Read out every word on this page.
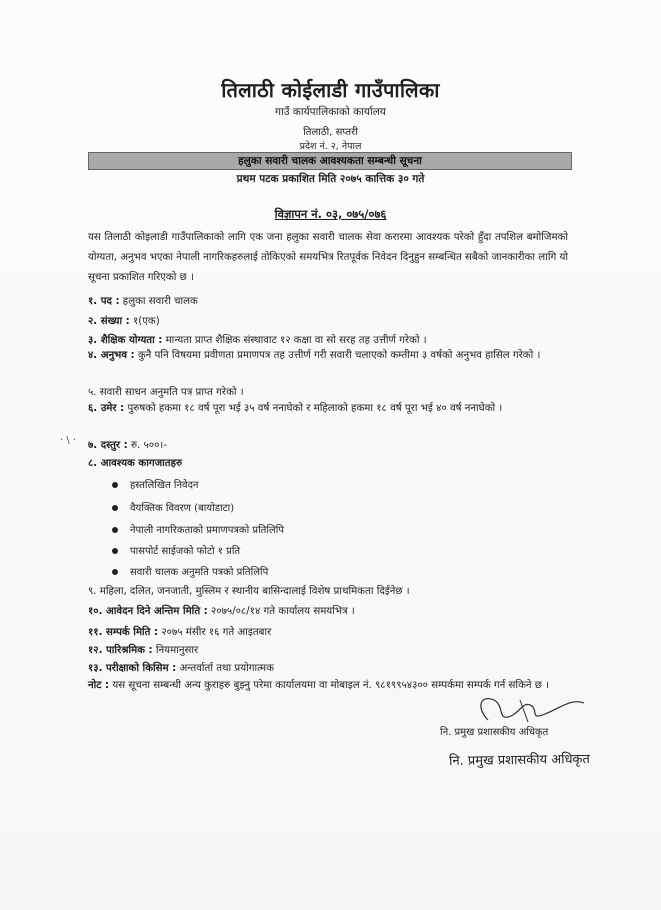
तिलाठी कोईलाडी गाउँपालिका
गाउँ कार्यपालिकाको कार्यालय
तिलाठी, सप्तरी
प्रदेश नं. २, नेपाल
हलुका सवारी चालक आवश्यकता सम्बन्धी सूचना
प्रथम पटक प्रकाशित मिति २०७५ कात्तिक ३० गते
विज्ञापन नं. ०३, ०७५/०७६
यस तिलाठी कोइलाडी गाउँपालिकाको लागि एक जना हलुका सवारी चालक सेवा करारमा आवश्यक परेको हुँदा तपशिल बमोजिमको योग्यता, अनुभव भएका नेपाली नागरिकहरुलाई तोकिएको समयभित्र रितपूर्वक निवेदन दिनुहुन सम्बन्धित सबैको जानकारीका लागि यो सूचना प्रकाशित गरिएको छ ।
१. पद : हलुका सवारी चालक
२. संख्या : १(एक)
३. शैक्षिक योग्यता : मान्यता प्राप्त शैक्षिक संस्थावाट १२ कक्षा वा सो सरह तह उत्तीर्ण गरेको ।
४. अनुभव : कुनै पनि विषयमा प्रवीणता प्रमाणपत्र तह उत्तीर्ण गरी सवारी चलाएको कम्तीमा ३ वर्षको अनुभव हासिल गरेको ।
५. सवारी साधन अनुमति पत्र प्राप्त गरेको ।
६. उमेर : पुरुषको हकमा १८ वर्ष पूरा भई ३५ वर्ष ननाघेको र महिलाको हकमा १८ वर्ष पूरा भई ४० वर्ष ननाघेको ।
७. दस्तुर : रु. ५००।-
८. आवश्यक कागजातहरु
हस्तलिखित निवेदन
वैयक्तिक विवरण (बायोडाटा)
नेपाली नागरिकताको प्रमाणपत्रको प्रतिलिपि
पासपोर्ट साईजको फोटो १ प्रति
सवारी चालक अनुमति पत्रको प्रतिलिपि
९. महिला, दलित, जनजाती, मुस्लिम र स्थानीय बासिन्दालाई विशेष प्राथमिकता दिईनेछ ।
१०. आवेदन दिने अन्तिम मिति : २०७५/०८/१४ गते कार्यालय समयभित्र ।
११. सम्पर्क मिति : २०७५ मंसीर १६ गते आइतबार
१२. पारिश्रमिक : नियमानुसार
१३. परीक्षाको किसिम : अन्तर्वार्ता तथा प्रयोगात्मक
नोट : यस सूचना सम्बन्धी अन्य कुराहरु बुझ्नु परेमा कार्यालयमा वा मोबाइल नं. ९८१९९५४३०० सम्पर्कमा सम्पर्क गर्न सकिने छ ।
· \ ·
नि. प्रमुख प्रशासकीय अधिकृत
नि. प्रमुख प्रशासकीय अधिकृत
